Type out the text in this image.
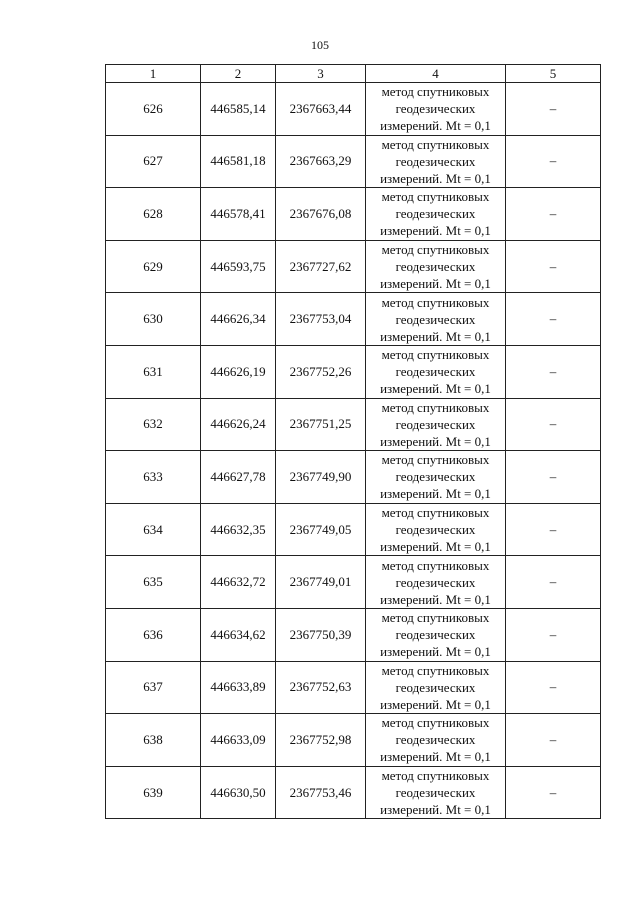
105
1	2	3	4	5
626	446585,14	2367663,44	метод спутниковых
геодезических
измерений. Mt = 0,1	–
627	446581,18	2367663,29	метод спутниковых
геодезических
измерений. Mt = 0,1	–
628	446578,41	2367676,08	метод спутниковых
геодезических
измерений. Mt = 0,1	–
629	446593,75	2367727,62	метод спутниковых
геодезических
измерений. Mt = 0,1	–
630	446626,34	2367753,04	метод спутниковых
геодезических
измерений. Mt = 0,1	–
631	446626,19	2367752,26	метод спутниковых
геодезических
измерений. Mt = 0,1	–
632	446626,24	2367751,25	метод спутниковых
геодезических
измерений. Mt = 0,1	–
633	446627,78	2367749,90	метод спутниковых
геодезических
измерений. Mt = 0,1	–
634	446632,35	2367749,05	метод спутниковых
геодезических
измерений. Mt = 0,1	–
635	446632,72	2367749,01	метод спутниковых
геодезических
измерений. Mt = 0,1	–
636	446634,62	2367750,39	метод спутниковых
геодезических
измерений. Mt = 0,1	–
637	446633,89	2367752,63	метод спутниковых
геодезических
измерений. Mt = 0,1	–
638	446633,09	2367752,98	метод спутниковых
геодезических
измерений. Mt = 0,1	–
639	446630,50	2367753,46	метод спутниковых
геодезических
измерений. Mt = 0,1	–
